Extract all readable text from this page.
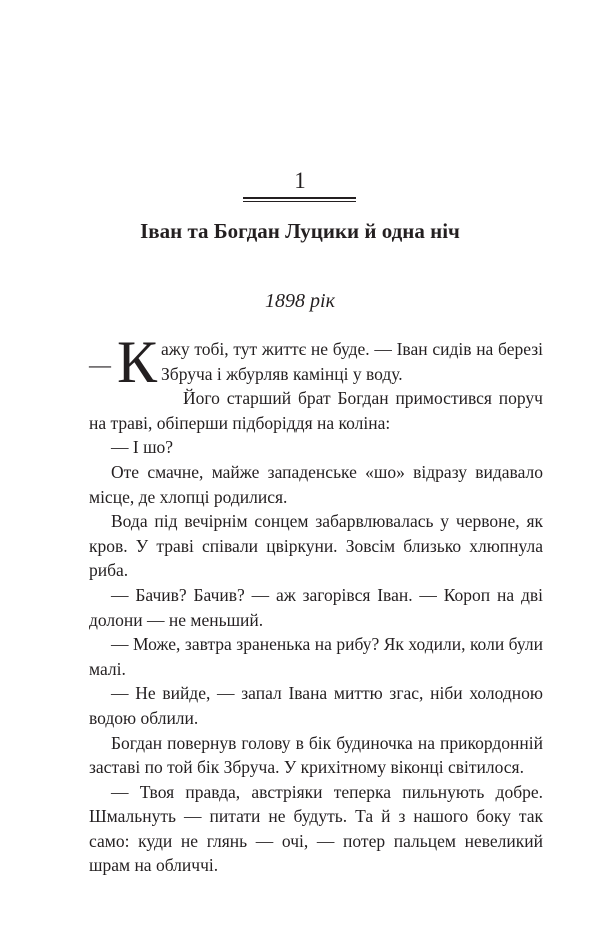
1
Іван та Богдан Луцики й одна ніч
1898 рік

— К ажу тобі, тут життє не буде. — Іван сидів на березі Збруча і жбурляв камінці у воду.

Його старший брат Богдан примостився поруч на траві, обіперши підборіддя на коліна:

— І шо?

Оте смачне, майже западенське «шо» відразу видавало місце, де хлопці родилися.

Вода під вечірнім сонцем забарвлювалась у червоне, як кров. У траві співали цвіркуни. Зовсім близько хлюпнула риба.

— Бачив? Бачив? — аж загорівся Іван. — Короп на дві долони — не меньший.

— Може, завтра зраненька на рибу? Як ходили, коли були малі.

— Не вийде, — запал Івана миттю згас, ніби холодною водою облили.

Богдан повернув голову в бік будиночка на прикордонній заставі по той бік Збруча. У крихітному віконці світилося.

— Твоя правда, австріяки теперка пильнують добре. Шмальнуть — питати не будуть. Та й з нашого боку так само: куди не глянь — очі, — потер пальцем невеликий шрам на обличчі.
